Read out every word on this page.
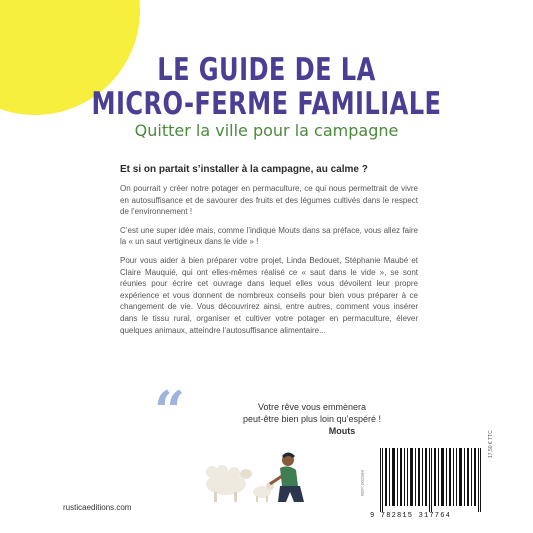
LE GUIDE DE LA
MICRO-FERME FAMILIALE
Quitter la ville pour la campagne
Et si on partait s’installer à la campagne, au calme ?

On pourrait y créer notre potager en permaculture, ce qui nous permettrait de vivre en autosuffisance et de savourer des fruits et des légumes cultivés dans le respect de l’environnement !

C’est une super idée mais, comme l’indique Mouts dans sa préface, vous allez faire la « un saut vertigineux dans le vide » !

Pour vous aider à bien préparer votre projet, Linda Bedouet, Stéphanie Maubé et Claire Mauquié, qui ont elles-mêmes réalisé ce « saut dans le vide », se sont réunies pour écrire cet ouvrage dans lequel elles vous dévoilent leur propre expérience et vous donnent de nombreux conseils pour bien vous préparer à ce changement de vie. Vous découvrirez ainsi, entre autres, comment vous insérer dans le tissu rural, organiser et cultiver votre potager en permaculture, élever quelques animaux, atteindre l’autosuffisance alimentaire...

“	Votre rêve vous emmènera
peut-être bien plus loin qu’espéré !

Mouts
rusticaeditions.com
REF. 002569
9 782815 317764
17,50 € TTC
